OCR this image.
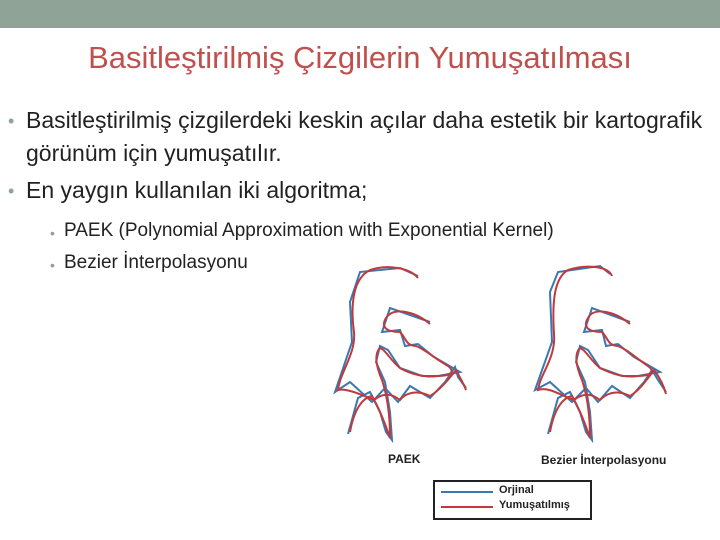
Basitleştirilmiş Çizgilerin Yumuşatılması
• Basitleştirilmiş çizgilerdeki keskin açılar daha estetik bir kartografik görünüm için yumuşatılır.
• En yaygın kullanılan iki algoritma;
• PAEK (Polynomial Approximation with Exponential Kernel)
• Bezier İnterpolasyonu
PAEK	Bezier İnterpolasyonu
Orjinal
Yumuşatılmış
